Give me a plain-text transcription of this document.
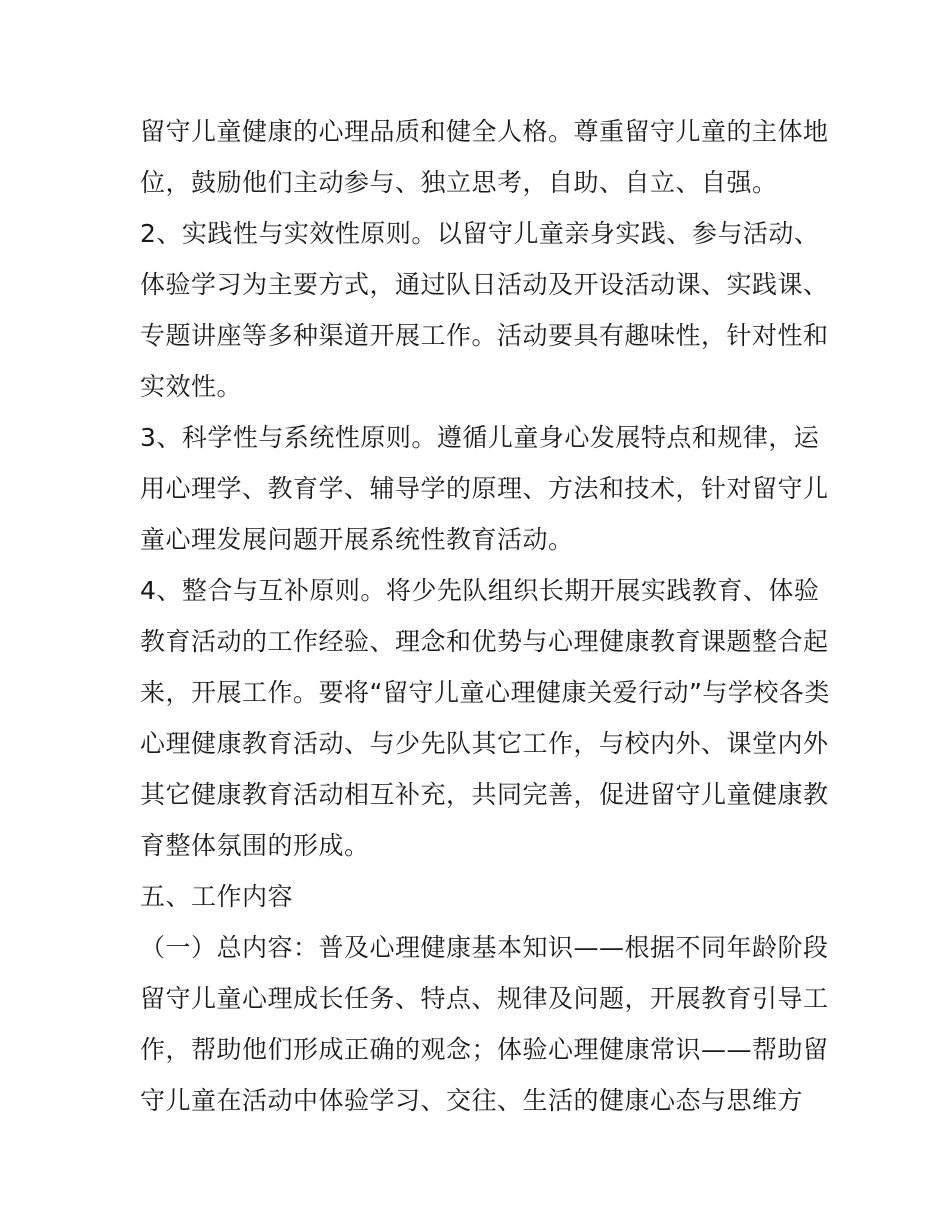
留守儿童健康的心理品质和健全人格。尊重留守儿童的主体地
位，鼓励他们主动参与、独立思考，自助、自立、自强。
2、实践性与实效性原则。以留守儿童亲身实践、参与活动、
体验学习为主要方式，通过队日活动及开设活动课、实践课、
专题讲座等多种渠道开展工作。活动要具有趣味性，针对性和
实效性。
3、科学性与系统性原则。遵循儿童身心发展特点和规律，运
用心理学、教育学、辅导学的原理、方法和技术，针对留守儿
童心理发展问题开展系统性教育活动。
4、整合与互补原则。将少先队组织长期开展实践教育、体验
教育活动的工作经验、理念和优势与心理健康教育课题整合起
来，开展工作。要将“留守儿童心理健康关爱行动”与学校各类
心理健康教育活动、与少先队其它工作，与校内外、课堂内外
其它健康教育活动相互补充，共同完善，促进留守儿童健康教
育整体氛围的形成。
五、工作内容
（一）总内容：普及心理健康基本知识——根据不同年龄阶段
留守儿童心理成长任务、特点、规律及问题，开展教育引导工
作，帮助他们形成正确的观念；体验心理健康常识——帮助留
守儿童在活动中体验学习、交往、生活的健康心态与思维方
